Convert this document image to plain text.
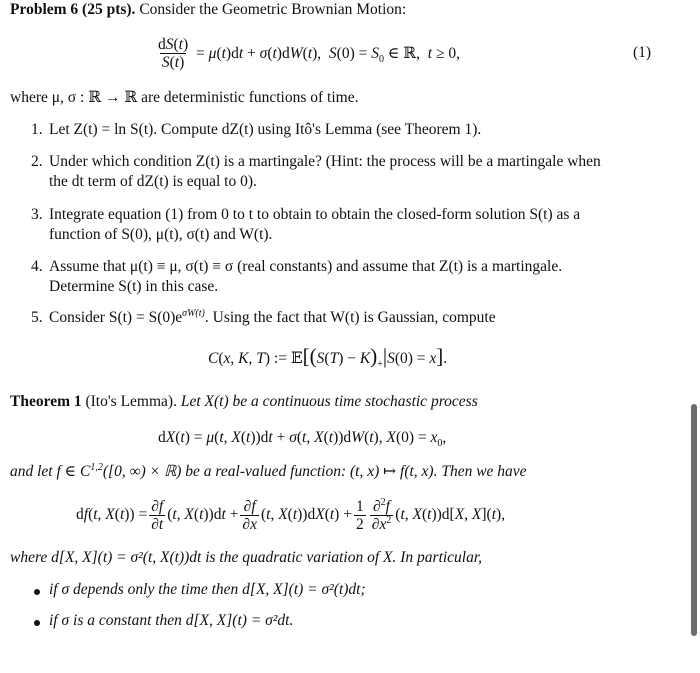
Problem 6 (25 pts). Consider the Geometric Brownian Motion:
$\frac{dS(t)}{S(t)} = \mu(t)dt + \sigma(t)dW(t)$,  $S(0) = S_0$ ∈ ℝ,  t ≥ 0,	(1)
where μ, σ : ℝ → ℝ are deterministic functions of time.
1. Let Z(t) = ln S(t). Compute dZ(t) using Itô's Lemma (see Theorem 1).
2. Under which condition Z(t) is a martingale? (Hint: the process will be a martingale when
the dt term of dZ(t) is equal to 0).
3. Integrate equation (1) from 0 to t to obtain to obtain the closed-form solution S(t) as a
function of S(0), μ(t), σ(t) and W(t).
4. Assume that μ(t) ≡ μ, σ(t) ≡ σ (real constants) and assume that Z(t) is a martingale.
Determine S(t) in this case.
5. Consider $S(t) = S(0)e^{\sigma W(t)}$. Using the fact that W(t) is Gaussian, compute
C(x, K, T) := 𝔼[(S(T) − $K)_+|S(0) = x$].
Theorem 1 (Ito's Lemma). Let X(t) be a continuous time stochastic process
dX(t) = μ(t, X(t))dt + σ(t, X(t))dW(t), $X(0) = x_0$,
and let f ∈ C$^{1,2}$([0, ∞) × ℝ) be a real-valued function: (t, x) ↦ f(t, x). Then we have
df(t, $X(t)) = \frac{\partial f}{\partial t} (t$, $X(t))dt + \frac{\partial f}{\partial x} (t$, $X(t))dX(t) + \frac{1}{2} \frac{\partial^2f}{\partial x^2} (t$, X(t))d[X, X](t),
where d[X, X](t) = σ²(t, X(t))dt is the quadratic variation of X. In particular,
if σ depends only the time then d[X, X](t) = σ²(t)dt;
if σ is a constant then d[X, X](t) = σ²dt.
